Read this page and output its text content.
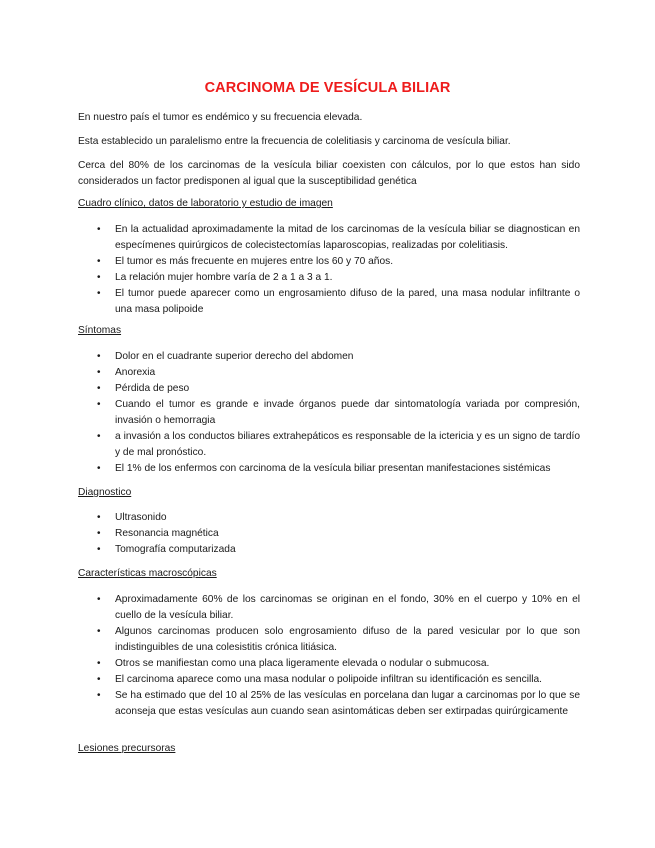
CARCINOMA DE VESÍCULA BILIAR

En nuestro país el tumor es endémico y su frecuencia elevada.

Esta establecido un paralelismo entre la frecuencia de colelitiasis y carcinoma de vesícula biliar.

Cerca del 80% de los carcinomas de la vesícula biliar coexisten con cálculos, por lo que estos han sido considerados un factor predisponen al igual que la susceptibilidad genética

Cuadro clínico, datos de laboratorio y estudio de imagen
• En la actualidad aproximadamente la mitad de los carcinomas de la vesícula biliar se diagnostican en especímenes quirúrgicos de colecistectomías laparoscopias, realizadas por colelitiasis.
• El tumor es más frecuente en mujeres entre los 60 y 70 años.
• La relación mujer hombre varía de 2 a 1 a 3 a 1.
• El tumor puede aparecer como un engrosamiento difuso de la pared, una masa nodular infiltrante o una masa polipoide
Síntomas
• Dolor en el cuadrante superior derecho del abdomen
• Anorexia
• Pérdida de peso
• Cuando el tumor es grande e invade órganos puede dar sintomatología variada por compresión, invasión o hemorragia
• a invasión a los conductos biliares extrahepáticos es responsable de la ictericia y es un signo de tardío y de mal pronóstico.
• El 1% de los enfermos con carcinoma de la vesícula biliar presentan manifestaciones sistémicas
Diagnostico
• Ultrasonido
• Resonancia magnética
• Tomografía computarizada
Características macroscópicas
• Aproximadamente 60% de los carcinomas se originan en el fondo, 30% en el cuerpo y 10% en el cuello de la vesícula biliar.
• Algunos carcinomas producen solo engrosamiento difuso de la pared vesicular por lo que son indistinguibles de una colesistitis crónica litiásica.
• Otros se manifiestan como una placa ligeramente elevada o nodular o submucosa.
• El carcinoma aparece como una masa nodular o polipoide infiltran su identificación es sencilla.
• Se ha estimado que del 10 al 25% de las vesículas en porcelana dan lugar a carcinomas por lo que se aconseja que estas vesículas aun cuando sean asintomáticas deben ser extirpadas quirúrgicamente
Lesiones precursoras
